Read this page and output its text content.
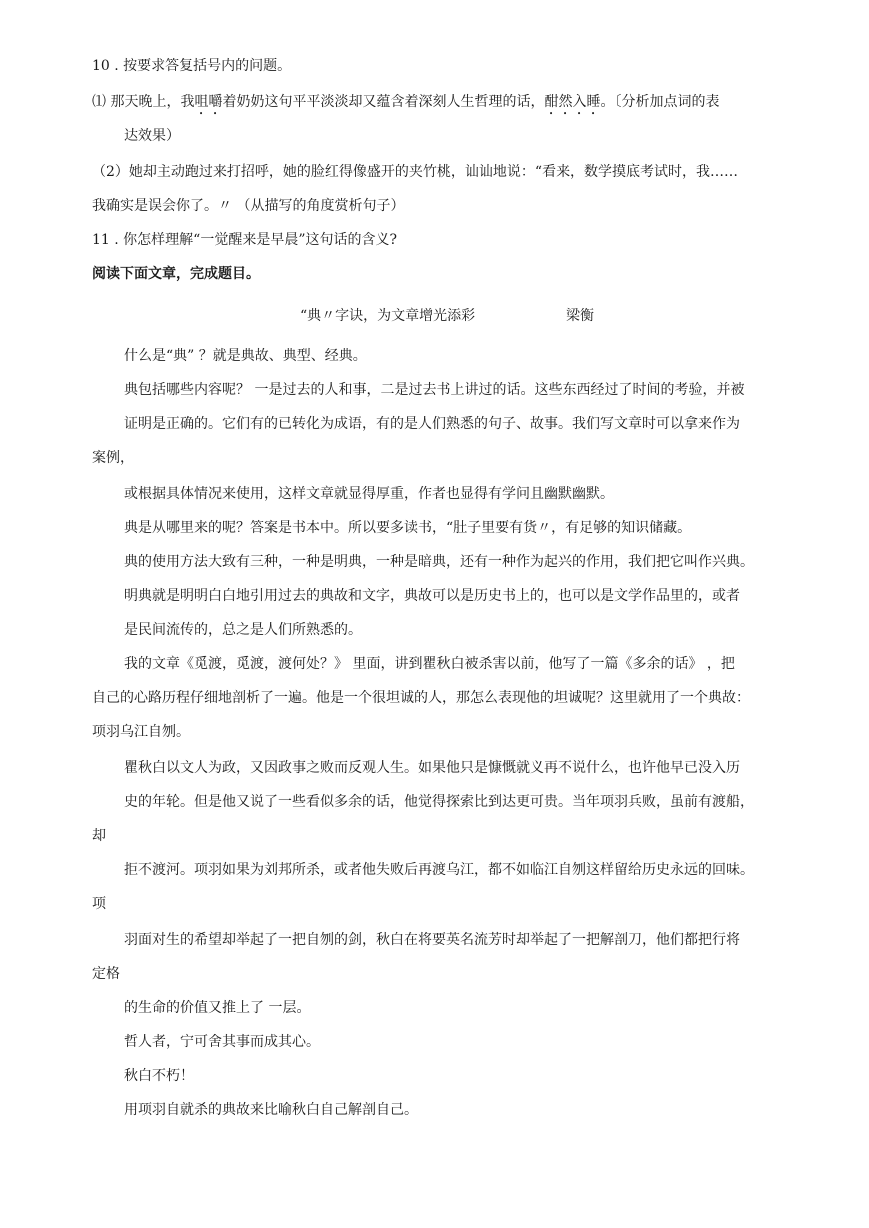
10 . 按要求答复括号内的问题。
⑴ 那天晚上，我咀嚼着奶奶这句平平淡淡却又蕴含着深刻人生哲理的话，酣然入睡。〔分析加点词的表
达效果）
（2）她却主动跑过来打招呼，她的脸红得像盛开的夹竹桃，讪讪地说：“看来，数学摸底考试时，我……
我确实是误会你了。〃 （从描写的角度赏析句子）
11 . 你怎样理解“一觉醒来是早晨”这句话的含义?
阅读下面文章，完成题目。
“典〃字诀，为文章增光添彩	梁衡
什么是“典” ？就是典故、典型、经典。
典包括哪些内容呢？ 一是过去的人和事，二是过去书上讲过的话。这些东西经过了时间的考验，并被
证明是正确的。它们有的已转化为成语，有的是人们熟悉的句子、故事。我们写文章时可以拿来作为
案例，
或根据具体情况来使用，这样文章就显得厚重，作者也显得有学问且幽默幽默。
典是从哪里来的呢？答案是书本中。所以要多读书，“肚子里要有货〃，有足够的知识储藏。
典的使用方法大致有三种，一种是明典，一种是暗典，还有一种作为起兴的作用，我们把它叫作兴典。
明典就是明明白白地引用过去的典故和文字，典故可以是历史书上的，也可以是文学作品里的，或者
是民间流传的，总之是人们所熟悉的。
我的文章《觅渡，觅渡，渡何处？》 里面，讲到瞿秋白被杀害以前，他写了一篇《多余的话》 ，把
自己的心路历程仔细地剖析了一遍。他是一个很坦诚的人，那怎么表现他的坦诚呢？这里就用了一个典故：
项羽乌江自刎。
瞿秋白以文人为政，又因政事之败而反观人生。如果他只是慷慨就义再不说什么，也许他早已没入历
史的年轮。但是他又说了一些看似多余的话，他觉得探索比到达更可贵。当年项羽兵败，虽前有渡船，
却
拒不渡河。项羽如果为刘邦所杀，或者他失败后再渡乌江，都不如临江自刎这样留给历史永远的回味。
项
羽面对生的希望却举起了一把自刎的剑，秋白在将要英名流芳时却举起了一把解剖刀，他们都把行将
定格
的生命的价值又推上了 一层。
哲人者，宁可舍其事而成其心。
秋白不朽！
用项羽自就杀的典故来比喻秋白自己解剖自己。
